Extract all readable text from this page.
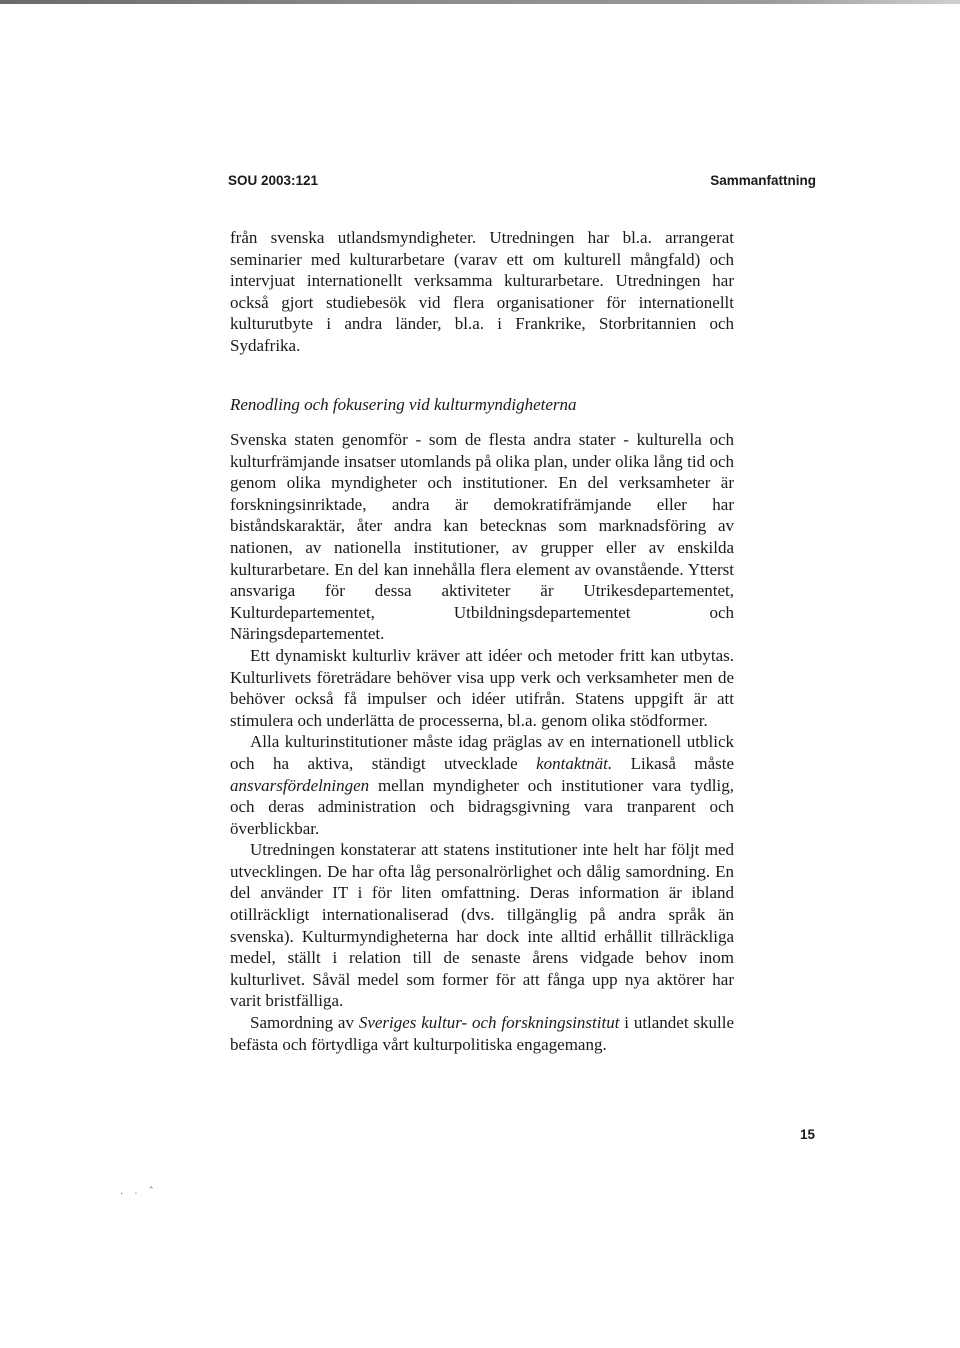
SOU 2003:121	Sammanfattning

från svenska utlandsmyndigheter. Utredningen har bl.a. arrangerat seminarier med kulturarbetare (varav ett om kulturell mångfald) och intervjuat internationellt verksamma kulturarbetare. Utredningen har också gjort studiebesök vid flera organisationer för internationellt kulturutbyte i andra länder, bl.a. i Frankrike, Storbritannien och Sydafrika.

Renodling och fokusering vid kulturmyndigheterna

Svenska staten genomför - som de flesta andra stater - kulturella och kulturfrämjande insatser utomlands på olika plan, under olika lång tid och genom olika myndigheter och institutioner. En del verksamheter är forskningsinriktade, andra är demokratifrämjande eller har biståndskaraktär, åter andra kan betecknas som marknadsföring av nationen, av nationella institutioner, av grupper eller av enskilda kulturarbetare. En del kan innehålla flera element av ovanstående. Ytterst ansvariga för dessa aktiviteter är Utrikesdepartementet, Kulturdepartementet, Utbildningsdepartementet och Näringsdepartementet.

Ett dynamiskt kulturliv kräver att idéer och metoder fritt kan utbytas. Kulturlivets företrädare behöver visa upp verk och verksamheter men de behöver också få impulser och idéer utifrån. Statens uppgift är att stimulera och underlätta de processerna, bl.a. genom olika stödformer.

Alla kulturinstitutioner måste idag präglas av en internationell utblick och ha aktiva, ständigt utvecklade kontaktnät. Likaså måste ansvarsfördelningen mellan myndigheter och institutioner vara tydlig, och deras administration och bidragsgivning vara tranparent och överblickbar.

Utredningen konstaterar att statens institutioner inte helt har följt med utvecklingen. De har ofta låg personalrörlighet och dålig samordning. En del använder IT i för liten omfattning. Deras information är ibland otillräckligt internationaliserad (dvs. tillgänglig på andra språk än svenska). Kulturmyndigheterna har dock inte alltid erhållit tillräckliga medel, ställt i relation till de senaste årens vidgade behov inom kulturlivet. Såväl medel som former för att fånga upp nya aktörer har varit bristfälliga.

Samordning av Sveriges kultur- och forskningsinstitut i utlandet skulle befästa och förtydliga vårt kulturpolitiska engagemang.

15
. . ˄
